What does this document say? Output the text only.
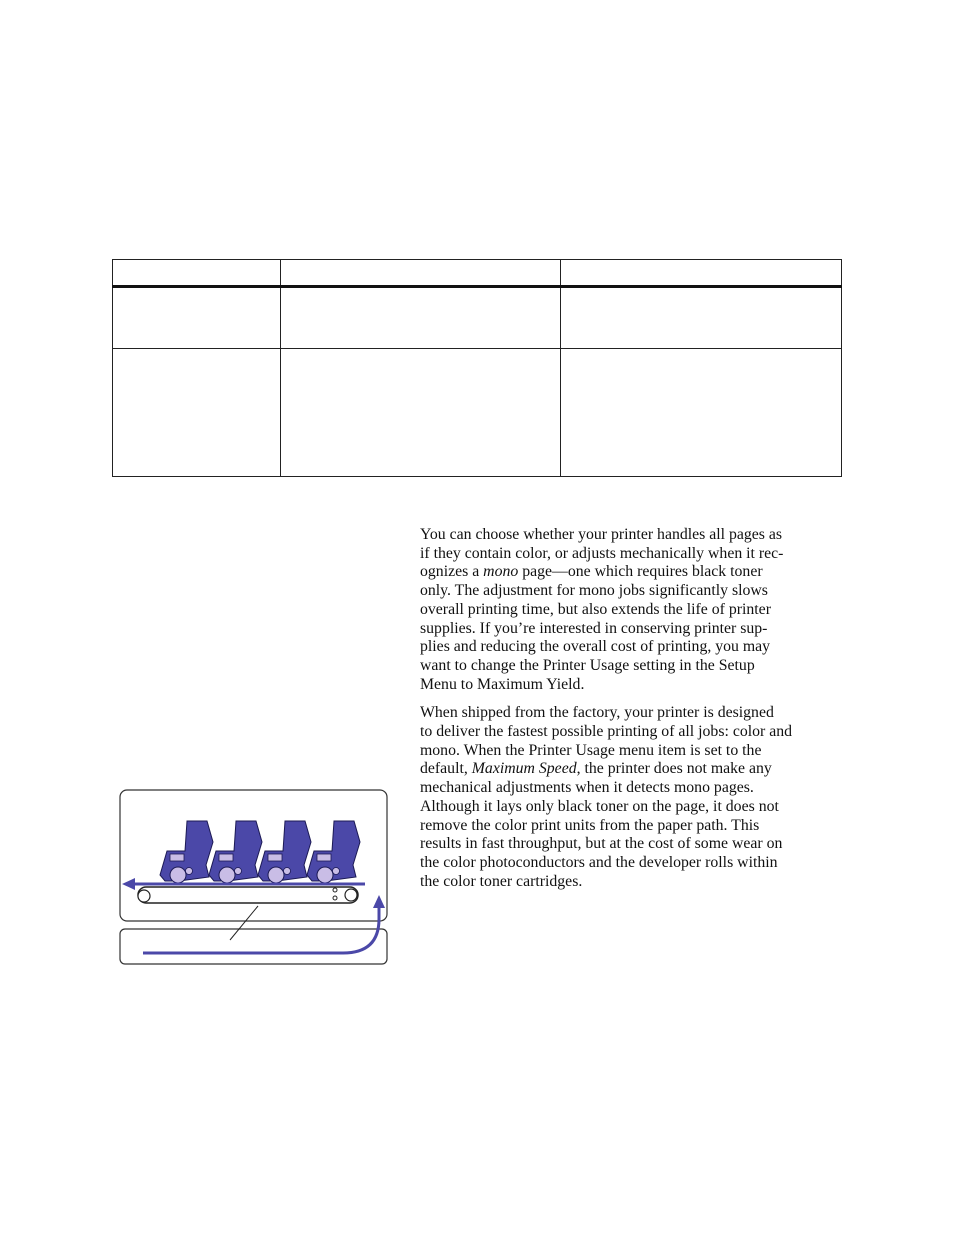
You can choose whether your printer handles all pages as
if they contain color, or adjusts mechanically when it rec-
ognizes a mono page—one which requires black toner
only. The adjustment for mono jobs significantly slows
overall printing time, but also extends the life of printer
supplies. If you’re interested in conserving printer sup-
plies and reducing the overall cost of printing, you may
want to change the Printer Usage setting in the Setup
Menu to Maximum Yield.

When shipped from the factory, your printer is designed
to deliver the fastest possible printing of all jobs: color and
mono. When the Printer Usage menu item is set to the
default, Maximum Speed, the printer does not make any
mechanical adjustments when it detects mono pages.
Although it lays only black toner on the page, it does not
remove the color print units from the paper path. This
results in fast throughput, but at the cost of some wear on
the color photoconductors and the developer rolls within
the color toner cartridges.
